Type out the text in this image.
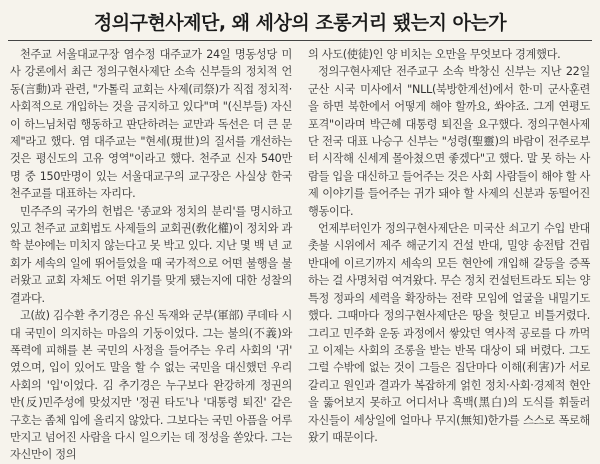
정의구현사제단, 왜 세상의 조롱거리 됐는지 아는가

천주교 서울대교구장 염수정 대주교가 24일 명동성당 미사 강론에서 최근 정의구현사제단 소속 신부들의 정치적 언동(言動)과 관련, "가톨릭 교회는 사제(司祭)가 직접 정치적·사회적으로 개입하는 것을 금지하고 있다"며 "(신부들) 자신이 하느님처럼 행동하고 판단하려는 교만과 독선은 더 큰 문제"라고 했다. 염 대주교는 "현세(現世)의 질서를 개선하는 것은 평신도의 고유 영역"이라고 했다. 천주교 신자 540만명 중 150만명이 있는 서울대교구의 교구장은 사실상 한국 천주교를 대표하는 자리다.

민주주의 국가의 헌법은 '종교와 정치의 분리'를 명시하고 있고 천주교 교회법도 사제들의 교회권(敎化權)이 정치와 과학 분야에는 미치지 않는다고 못 박고 있다. 지난 몇 백 년 교회가 세속의 일에 뛰어들었을 때 국가적으로 어떤 불행을 불러왔고 교회 자체도 어떤 위기를 맞게 됐는지에 대한 성찰의 결과다.

고(故) 김수환 추기경은 유신 독재와 군부(軍部) 쿠데타 시대 국민이 의지하는 마음의 기둥이었다. 그는 불의(不義)와 폭력에 피해를 본 국민의 사정을 들어주는 우리 사회의 '귀' 였으며, 입이 있어도 말을 할 수 없는 국민을 대신했던 우리 사회의 '입'이었다. 김 추기경은 누구보다 완강하게 정권의 반(反)민주성에 맞섰지만 '정권 타도'나 '대통령 퇴진' 같은 구호는 좀체 입에 올리지 않았다. 그보다는 국민 아픔을 어루만지고 넘어진 사람을 다시 일으키는 데 정성을 쏟았다. 그는 자신만이 정의

의 사도(使徒)인 양 비치는 오만을 무엇보다 경계했다.

정의구현사제단 전주교구 소속 박창신 신부는 지난 22일 군산 시국 미사에서 "NLL(북방한계선)에서 한·미 군사훈련을 하면 북한에서 어떻게 해야 할까요, 쏴야죠. 그게 연평도 포격"이라며 박근혜 대통령 퇴진을 요구했다. 정의구현사제단 전국 대표 나승구 신부는 "성령(聖靈)의 바람이 전주로부터 시작해 신세계 몰아쳤으면 좋겠다"고 했다. 말 못 하는 사람들 입을 대신하고 들어주는 것은 사회 사람들이 해야 할 사제 이야기를 들어주는 귀가 돼야 할 사제의 신분과 동떨어진 행동이다.

언제부터인가 정의구현사제단은 미국산 쇠고기 수입 반대 촛불 시위에서 제주 해군기지 건설 반대, 밀양 송전탑 건립 반대에 이르기까지 세속의 모든 현안에 개입해 갈등을 증폭하는 걸 사명처럼 여겨왔다. 무슨 정치 컨설턴트라도 되는 양 특정 정파의 세력을 확장하는 전략 모임에 얼굴을 내밀기도 했다. 그때마다 정의구현사제단은 땅을 헛딛고 비틀거렸다. 그리고 민주화 운동 과정에서 쌓았던 역사적 공로를 다 까먹고 이제는 사회의 조롱을 받는 반목 대상이 돼 버렸다. 그도 그럴 수밖에 없는 것이 그들은 집단마다 이해(利害)가 서로 갈리고 원인과 결과가 복잡하게 얽힌 정치·사회·경제적 현안을 뚫어보지 못하고 어디서나 흑백(黑白)의 도식를 휘둘러 자신들이 세상일에 얼마나 무지(無知)한가를 스스로 폭로해 왔기 때문이다.
